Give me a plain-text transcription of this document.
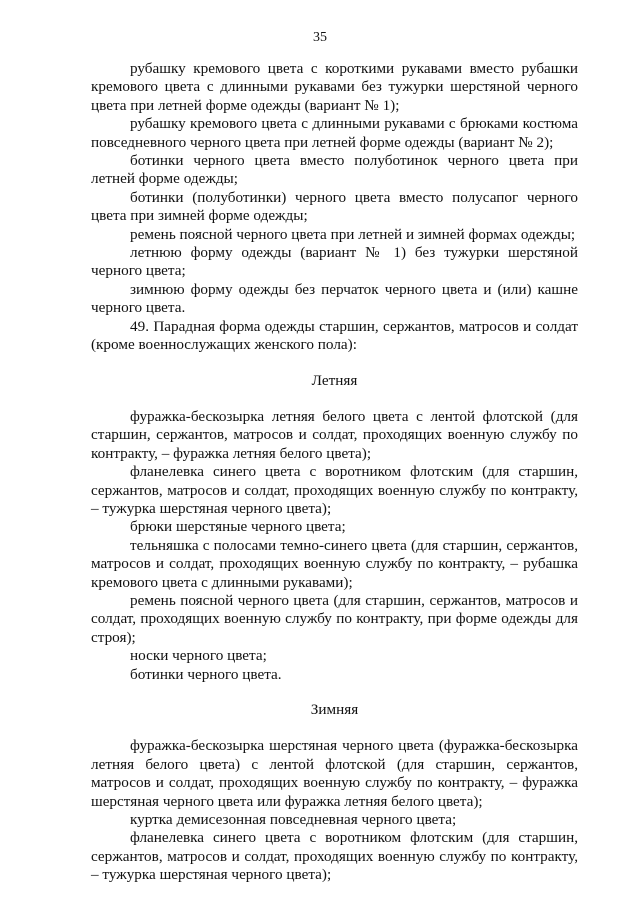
35

рубашку кремового цвета с короткими рукавами вместо рубашки кремового цвета с длинными рукавами без тужурки шерстяной черного цвета при летней форме одежды (вариант № 1);

рубашку кремового цвета с длинными рукавами с брюками костюма повседневного черного цвета при летней форме одежды (вариант № 2);

ботинки черного цвета вместо полуботинок черного цвета при летней форме одежды;

ботинки (полуботинки) черного цвета вместо полусапог черного цвета при зимней форме одежды;

ремень поясной черного цвета при летней и зимней формах одежды;

летнюю форму одежды (вариант № 1) без тужурки шерстяной черного цвета;

зимнюю форму одежды без перчаток черного цвета и (или) кашне черного цвета.

49. Парадная форма одежды старшин, сержантов, матросов и солдат (кроме военнослужащих женского пола):

Летняя

фуражка-бескозырка летняя белого цвета с лентой флотской (для старшин, сержантов, матросов и солдат, проходящих военную службу по контракту, – фуражка летняя белого цвета);

фланелевка синего цвета с воротником флотским (для старшин, сержантов, матросов и солдат, проходящих военную службу по контракту, – тужурка шерстяная черного цвета);

брюки шерстяные черного цвета;

тельняшка с полосами темно-синего цвета (для старшин, сержантов, матросов и солдат, проходящих военную службу по контракту, – рубашка кремового цвета с длинными рукавами);

ремень поясной черного цвета (для старшин, сержантов, матросов и солдат, проходящих военную службу по контракту, при форме одежды для строя);

носки черного цвета;

ботинки черного цвета.

Зимняя

фуражка-бескозырка шерстяная черного цвета (фуражка-бескозырка летняя белого цвета) с лентой флотской (для старшин, сержантов, матросов и солдат, проходящих военную службу по контракту, – фуражка шерстяная черного цвета или фуражка летняя белого цвета);

куртка демисезонная повседневная черного цвета;

фланелевка синего цвета с воротником флотским (для старшин, сержантов, матросов и солдат, проходящих военную службу по контракту, – тужурка шерстяная черного цвета);
